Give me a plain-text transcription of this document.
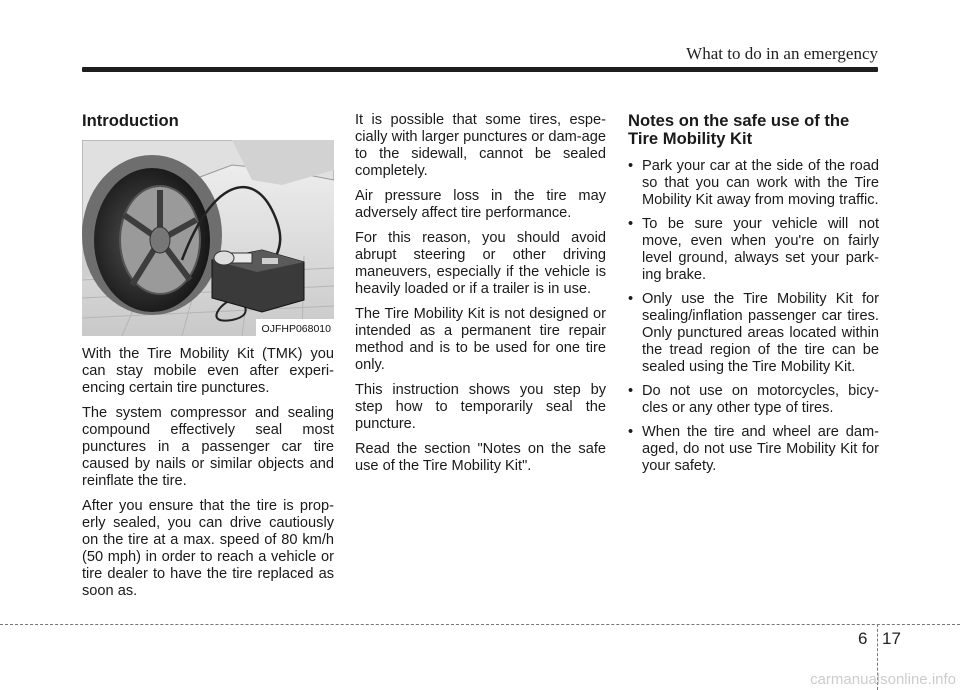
What to do in an emergency
Introduction
OJFHP068010

With the Tire Mobility Kit (TMK) you can stay mobile even after experi-encing certain tire punctures.

The system compressor and sealing compound effectively seal most punctures in a passenger car tire caused by nails or similar objects and reinflate the tire.

After you ensure that the tire is prop-erly sealed, you can drive cautiously on the tire at a max. speed of 80 km/h (50 mph) in order to reach a vehicle or tire dealer to have the tire replaced as soon as.

It is possible that some tires, espe-cially with larger punctures or dam-age to the sidewall, cannot be sealed completely.

Air pressure loss in the tire may adversely affect tire performance.

For this reason, you should avoid abrupt steering or other driving maneuvers, especially if the vehicle is heavily loaded or if a trailer is in use.

The Tire Mobility Kit is not designed or intended as a permanent tire repair method and is to be used for one tire only.

This instruction shows you step by step how to temporarily seal the puncture.

Read the section "Notes on the safe use of the Tire Mobility Kit".

Notes on the safe use of the Tire Mobility Kit
• Park your car at the side of the road so that you can work with the Tire Mobility Kit away from moving traffic.
• To be sure your vehicle will not move, even when you're on fairly level ground, always set your park-ing brake.
• Only use the Tire Mobility Kit for sealing/inflation passenger car tires. Only punctured areas located within the tread region of the tire can be sealed using the Tire Mobility Kit.
• Do not use on motorcycles, bicy-cles or any other type of tires.
• When the tire and wheel are dam-aged, do not use Tire Mobility Kit for your safety.
6 17
carmanualsonline.info
